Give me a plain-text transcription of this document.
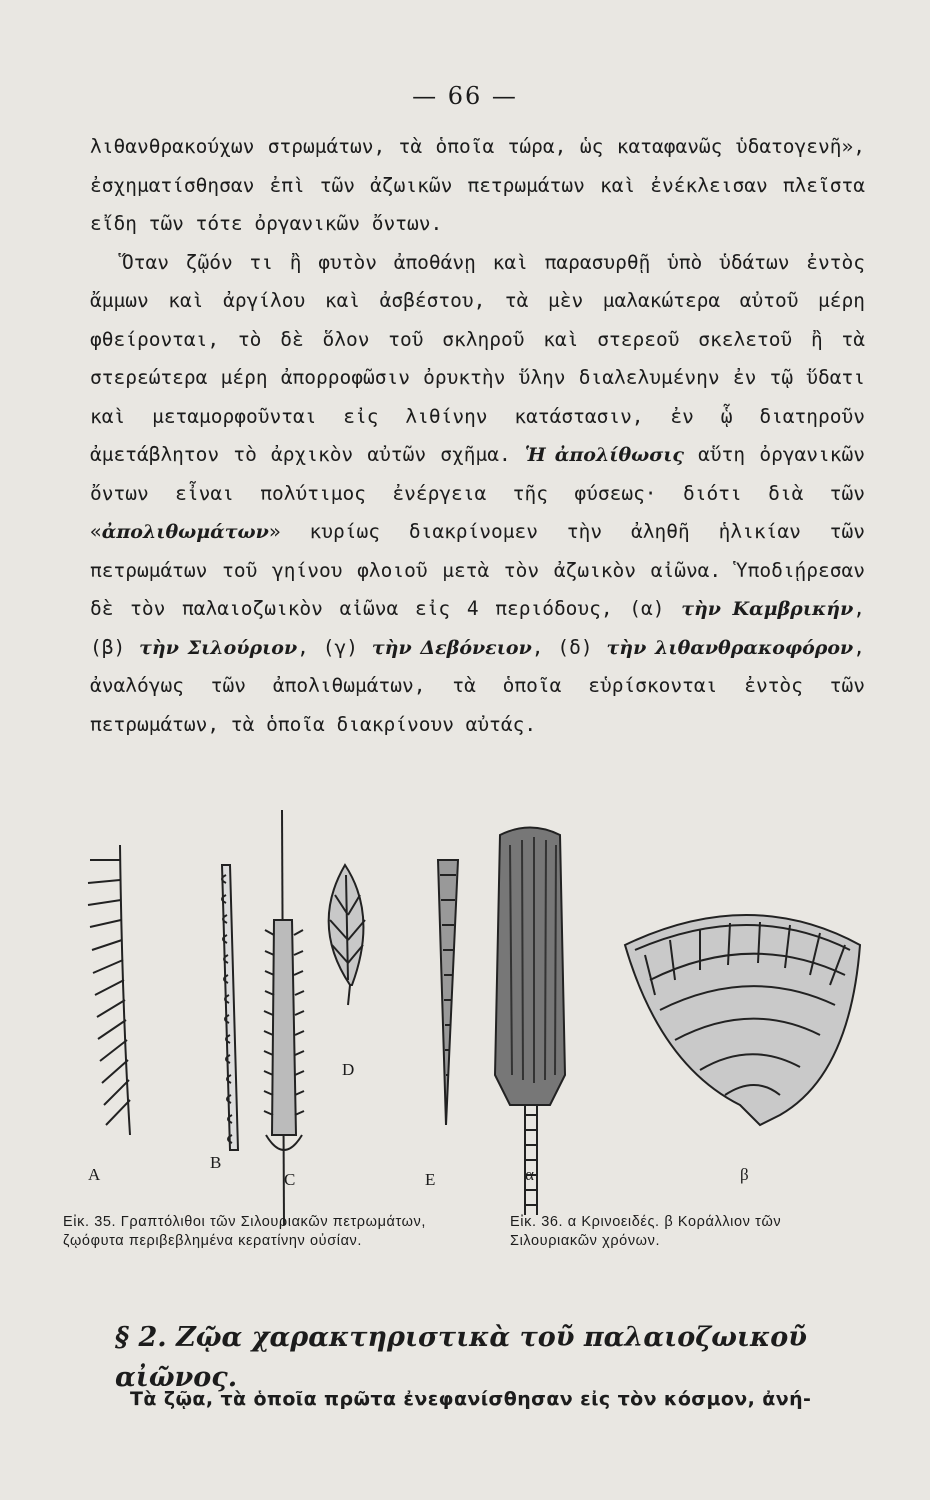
— 66 —

λιθανθρακούχων στρωμάτων, τὰ ὁποῖα τώρα, ὡς καταφανῶς ὑδατογενῆ», ἐσχηματίσθησαν ἐπὶ τῶν ἀζωικῶν πετρωμάτων καὶ ἐνέκλεισαν πλεῖστα εἴδη τῶν τότε ὀργανικῶν ὄντων.

Ὅταν ζῷόν τι ἢ φυτὸν ἀποθάνῃ καὶ παρασυρθῇ ὑπὸ ὑδάτων ἐντὸς ἄμμων καὶ ἀργίλου καὶ ἀσβέστου, τὰ μὲν μαλακώτερα αὐτοῦ μέρη φθείρονται, τὸ δὲ ὅλον τοῦ σκληροῦ καὶ στερεοῦ σκελετοῦ ἢ τὰ στερεώτερα μέρη ἀπορροφῶσιν ὀρυκτὴν ὕλην διαλελυμένην ἐν τῷ ὕδατι καὶ μεταμορφοῦνται εἰς λιθίνην κατάστασιν, ἐν ᾧ διατηροῦν ἀμετάβλητον τὸ ἀρχικὸν αὐτῶν σχῆμα. Ἡ ἀπολίθωσις αὕτη ὀργανικῶν ὄντων εἶναι πολύτιμος ἐνέργεια τῆς φύσεως· διότι διὰ τῶν «ἀπολιθωμάτων» κυρίως διακρίνομεν τὴν ἀληθῆ ἡλικίαν τῶν πετρωμάτων τοῦ γηίνου φλοιοῦ μετὰ τὸν ἀζωικὸν αἰῶνα. Ὑποδιῄρεσαν δὲ τὸν παλαιοζωικὸν αἰῶνα εἰς 4 περιόδους, (α) τὴν Καμβρικήν, (β) τὴν Σιλούριον, (γ) τὴν Δεβόνειον, (δ) τὴν λιθανθρακοφόρον, ἀναλόγως τῶν ἀπολιθωμάτων, τὰ ὁποῖα εὑρίσκονται ἐντὸς τῶν πετρωμάτων, τὰ ὁποῖα διακρίνουν αὐτάς.

A
B
C
D
E	α	β
Εἰκ. 35. Γραπτόλιθοι τῶν Σιλουριακῶν πετρωμάτων, ζῳόφυτα περιβεβλημένα κερατίνην οὐσίαν.
Εἰκ. 36. α Κρινοειδές. β Κοράλλιον τῶν Σιλουριακῶν χρόνων.
§ 2. Ζῷα χαρακτηριστικὰ τοῦ παλαιοζωικοῦ αἰῶνος.
Τὰ ζῷα, τὰ ὁποῖα πρῶτα ἐνεφανίσθησαν εἰς τὸν κόσμον, ἀνή-
